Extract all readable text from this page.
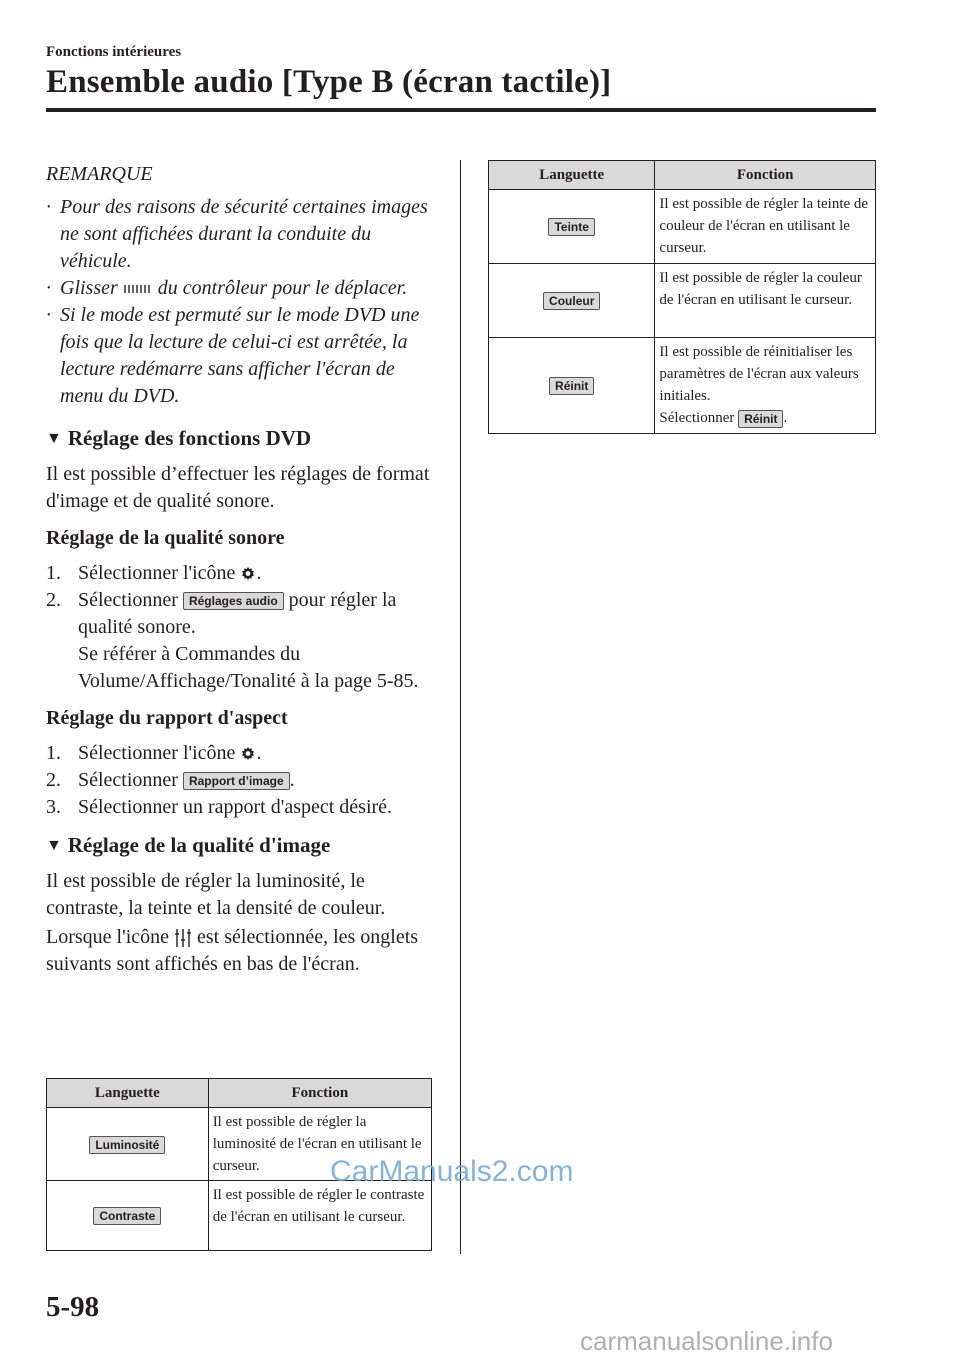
Fonctions intérieures
Ensemble audio [Type B (écran tactile)]
REMARQUE
· Pour des raisons de sécurité certaines images ne sont affichées durant la conduite du véhicule.
· Glisser du contrôleur pour le déplacer.
· Si le mode est permuté sur le mode DVD une fois que la lecture de celui-ci est arrêtée, la lecture redémarre sans afficher l'écran de menu du DVD.
▼ Réglage des fonctions DVD

Il est possible d’effectuer les réglages de format d'image et de qualité sonore.

Réglage de la qualité sonore

1. Sélectionner l'icône .

2. Sélectionner Réglages audio pour régler la qualité sonore.
Se référer à Commandes du Volume/Affichage/Tonalité à la page 5-85.

Réglage du rapport d'aspect

1. Sélectionner l'icône .

2. Sélectionner Rapport d’image .

3. Sélectionner un rapport d'aspect désiré.

▼ Réglage de la qualité d'image

Il est possible de régler la luminosité, le contraste, la teinte et la densité de couleur.

Lorsque l'icône est sélectionnée, les onglets suivants sont affichés en bas de l'écran.

Languette	Fonction
Luminosité	Il est possible de régler la luminosité de l'écran en utilisant le curseur.
Contraste	Il est possible de régler le contraste de l'écran en utilisant le curseur.
Languette	Fonction
Teinte	Il est possible de régler la teinte de couleur de l'écran en utilisant le curseur.
Couleur	Il est possible de régler la couleur de l'écran en utilisant le curseur.
Réinit	Il est possible de réinitialiser les paramètres de l'écran aux valeurs initiales.
Sélectionner Réinit .
CarManuals2.com
5-98
carmanualsonline.info
